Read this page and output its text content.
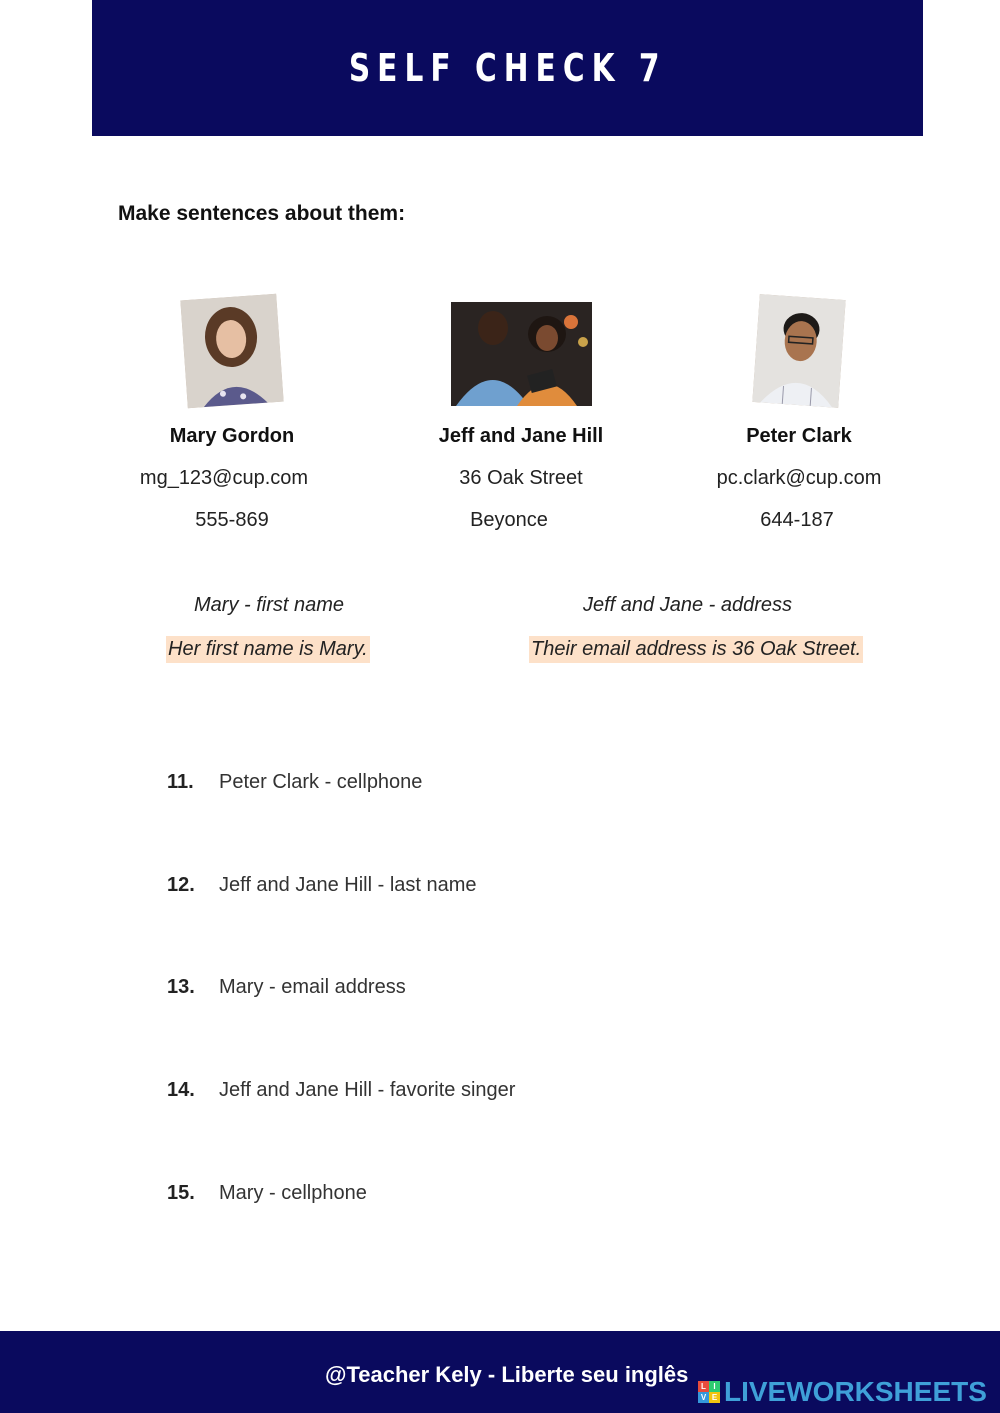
SELF CHECK 7
Make sentences about them:
Mary Gordon
mg_123@cup.com
555-869
Jeff and Jane Hill
36 Oak Street
Beyonce
Peter Clark
pc.clark@cup.com
644-187
Mary - first name
Her first name is Mary.
Jeff and Jane - address
Their email address is 36 Oak Street.
11. Peter Clark - cellphone
12. Jeff and Jane Hill - last name
13. Mary - email address
14. Jeff and Jane Hill - favorite singer
15. Mary - cellphone
@Teacher Kely - Liberte seu inglês	L I
V E LIVEWORKSHEETS
